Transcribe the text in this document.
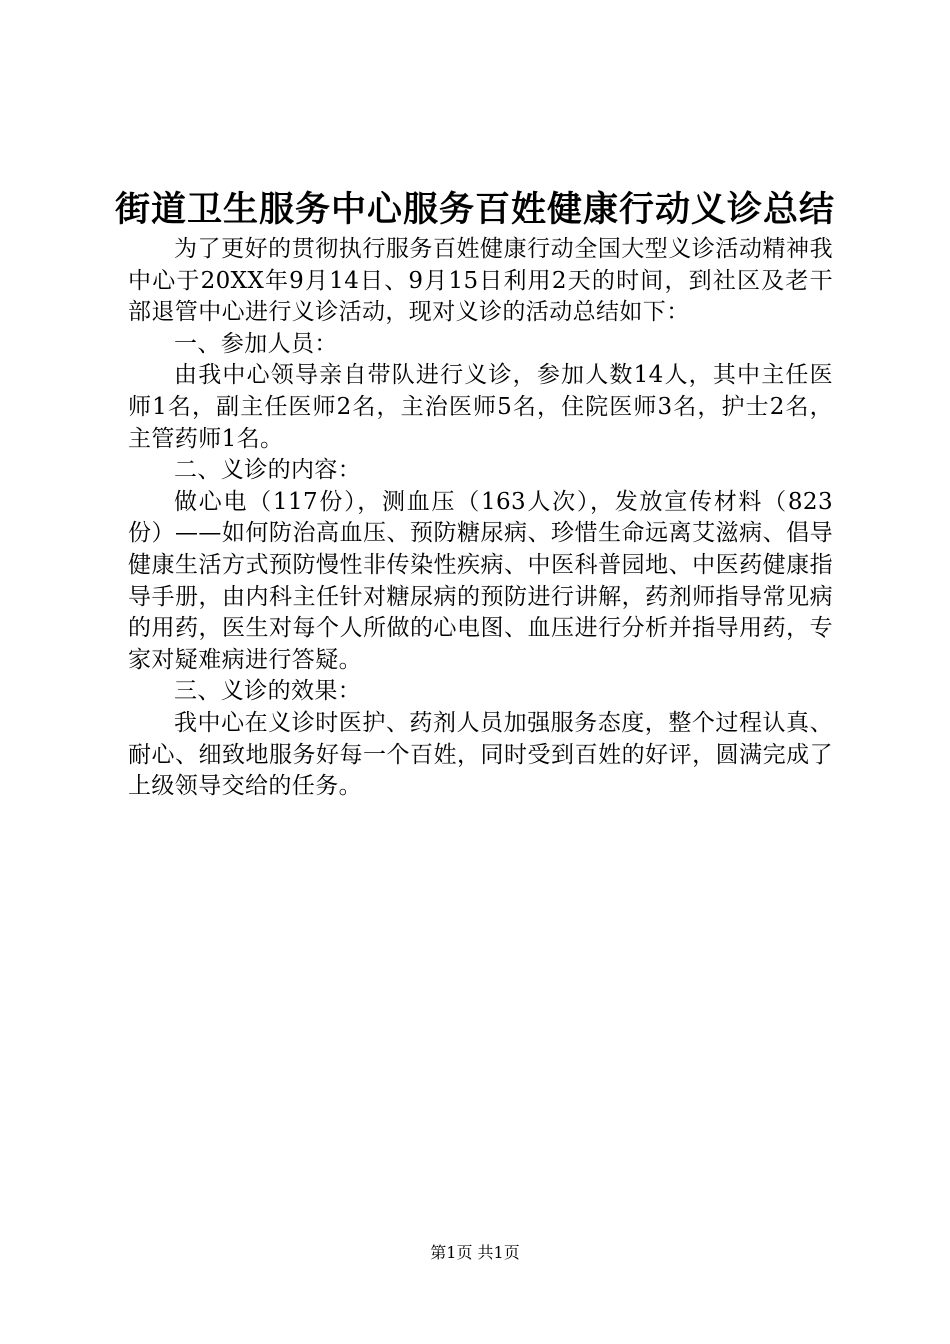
街道卫生服务中心服务百姓健康行动义诊总结

为了更好的贯彻执行服务百姓健康行动全国大型义诊活动精神我中心于20XX年9月14日、9月15日利用2天的时间，到社区及老干部退管中心进行义诊活动，现对义诊的活动总结如下：

一、参加人员：

由我中心领导亲自带队进行义诊，参加人数14人，其中主任医师1名，副主任医师2名，主治医师5名，住院医师3名，护士2名，主管药师1名。

二、义诊的内容：

做心电（117份），测血压（163人次），发放宣传材料（823份）——如何防治高血压、预防糖尿病、珍惜生命远离艾滋病、倡导健康生活方式预防慢性非传染性疾病、中医科普园地、中医药健康指导手册，由内科主任针对糖尿病的预防进行讲解，药剂师指导常见病的用药，医生对每个人所做的心电图、血压进行分析并指导用药，专家对疑难病进行答疑。

三、义诊的效果：

我中心在义诊时医护、药剂人员加强服务态度，整个过程认真、耐心、细致地服务好每一个百姓，同时受到百姓的好评，圆满完成了上级领导交给的任务。

第1页 共1页
